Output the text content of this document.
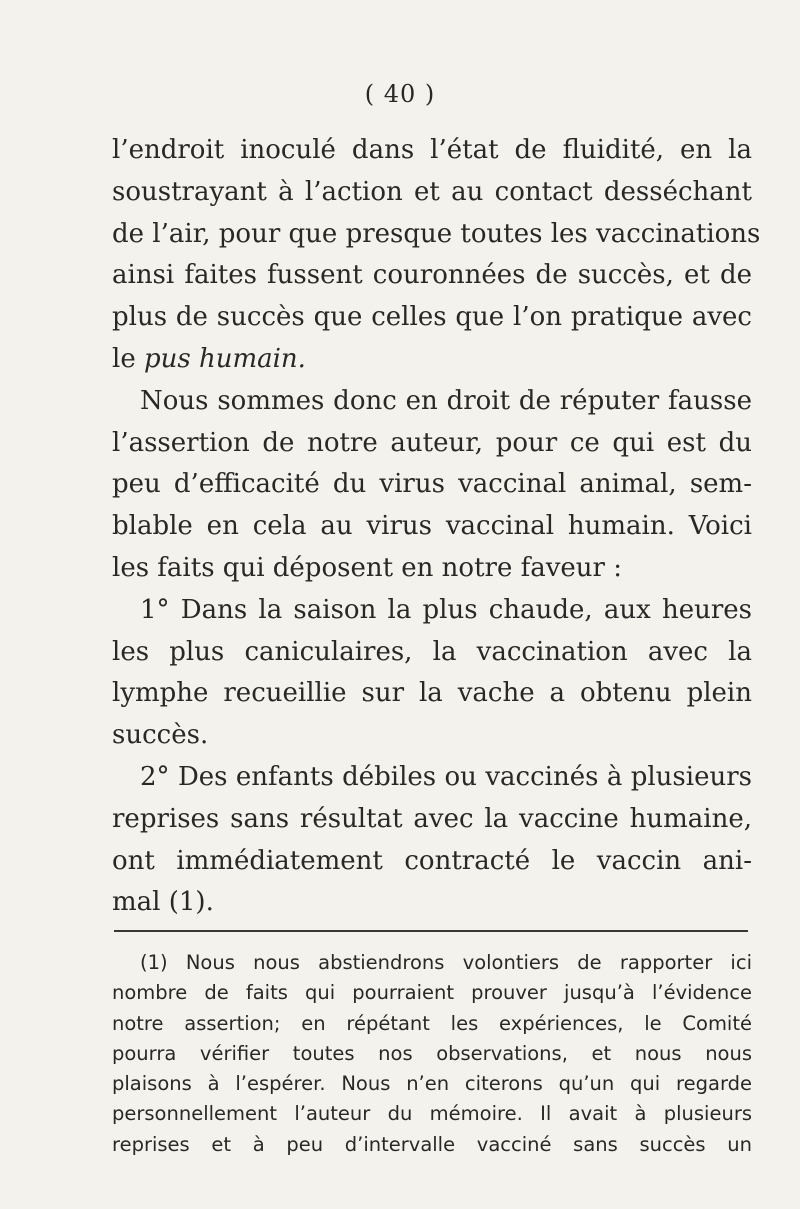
( 40 )
l’endroit inoculé dans l’état de fluidité, en la
soustrayant à l’action et au contact desséchant
de l’air, pour que presque toutes les vaccinations
ainsi faites fussent couronnées de succès, et de
plus de succès que celles que l’on pratique avec
le pus humain.
Nous sommes donc en droit de réputer fausse
l’assertion de notre auteur, pour ce qui est du
peu d’efficacité du virus vaccinal animal, sem-
blable en cela au virus vaccinal humain. Voici
les faits qui déposent en notre faveur :
1° Dans la saison la plus chaude, aux heures
les plus caniculaires, la vaccination avec la
lymphe recueillie sur la vache a obtenu plein
succès.
2° Des enfants débiles ou vaccinés à plusieurs
reprises sans résultat avec la vaccine humaine,
ont immédiatement contracté le vaccin ani-
mal (1).
(1) Nous nous abstiendrons volontiers de rapporter ici
nombre de faits qui pourraient prouver jusqu’à l’évidence
notre assertion; en répétant les expériences, le Comité
pourra vérifier toutes nos observations, et nous nous
plaisons à l’espérer. Nous n’en citerons qu’un qui regarde
personnellement l’auteur du mémoire. Il avait à plusieurs
reprises et à peu d’intervalle vacciné sans succès un
